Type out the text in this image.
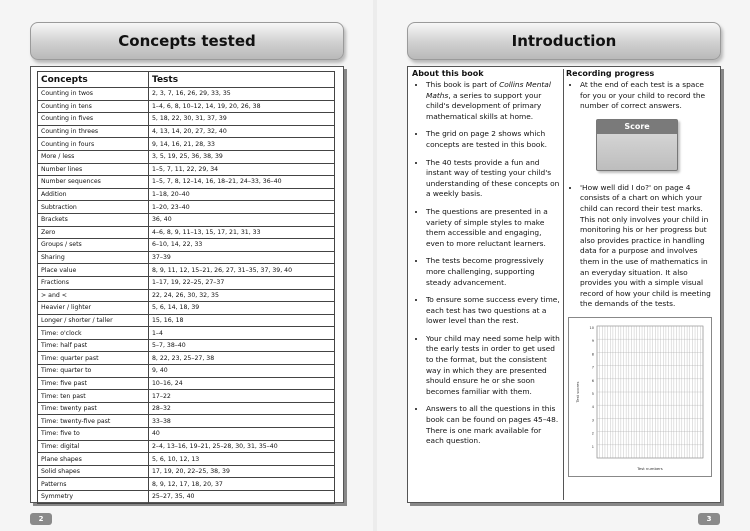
Concepts tested
Concepts	Tests
Counting in twos	2, 3, 7, 16, 26, 29, 33, 35
Counting in tens	1–4, 6, 8, 10–12, 14, 19, 20, 26, 38
Counting in fives	5, 18, 22, 30, 31, 37, 39
Counting in threes	4, 13, 14, 20, 27, 32, 40
Counting in fours	9, 14, 16, 21, 28, 33
More / less	3, 5, 19, 25, 36, 38, 39
Number lines	1–5, 7, 11, 22, 29, 34
Number sequences	1–5, 7, 8, 12–14, 16, 18–21, 24–33, 36–40
Addition	1–18, 20–40
Subtraction	1–20, 23–40
Brackets	36, 40
Zero	4–6, 8, 9, 11–13, 15, 17, 21, 31, 33
Groups / sets	6–10, 14, 22, 33
Sharing	37–39
Place value	8, 9, 11, 12, 15–21, 26, 27, 31–35, 37, 39, 40
Fractions	1–17, 19, 22–25, 27–37
> and <	22, 24, 26, 30, 32, 35
Heavier / lighter	5, 6, 14, 18, 39
Longer / shorter / taller	15, 16, 18
Time: o'clock	1–4
Time: half past	5–7, 38–40
Time: quarter past	8, 22, 23, 25–27, 38
Time: quarter to	9, 40
Time: five past	10–16, 24
Time: ten past	17–22
Time: twenty past	28–32
Time: twenty-five past	33–38
Time: five to	40
Time: digital	2–4, 13–16, 19–21, 25–28, 30, 31, 35–40
Plane shapes	5, 6, 10, 12, 13
Solid shapes	17, 19, 20, 22–25, 38, 39
Patterns	8, 9, 12, 17, 18, 20, 37
Symmetry	25–27, 35, 40
2
Introduction
About this book
• This book is part of Collins Mental Maths, a series to support your child's development of primary mathematical skills at home.
• The grid on page 2 shows which concepts are tested in this book.
• The 40 tests provide a fun and instant way of testing your child's understanding of these concepts on a weekly basis.
• The questions are presented in a variety of simple styles to make them accessible and engaging, even to more reluctant learners.
• The tests become progressively more challenging, supporting steady advancement.
• To ensure some success every time, each test has two questions at a lower level than the rest.
• Your child may need some help with the early tests in order to get used to the format, but the consistent way in which they are presented should ensure he or she soon becomes familiar with them.
• Answers to all the questions in this book can be found on pages 45–48. There is one mark available for each question.
Recording progress
• At the end of each test is a space for you or your child to record the number of correct answers.
Score
• 'How well did I do?' on page 4 consists of a chart on which your child can record their test marks. This not only involves your child in monitoring his or her progress but also provides practice in handling data for a purpose and involves them in the use of mathematics in an everyday situation. It also provides you with a simple visual record of how your child is meeting the demands of the tests.
10
9
8
7
6
5
4
3
2
1
Test scores
Test numbers
3
